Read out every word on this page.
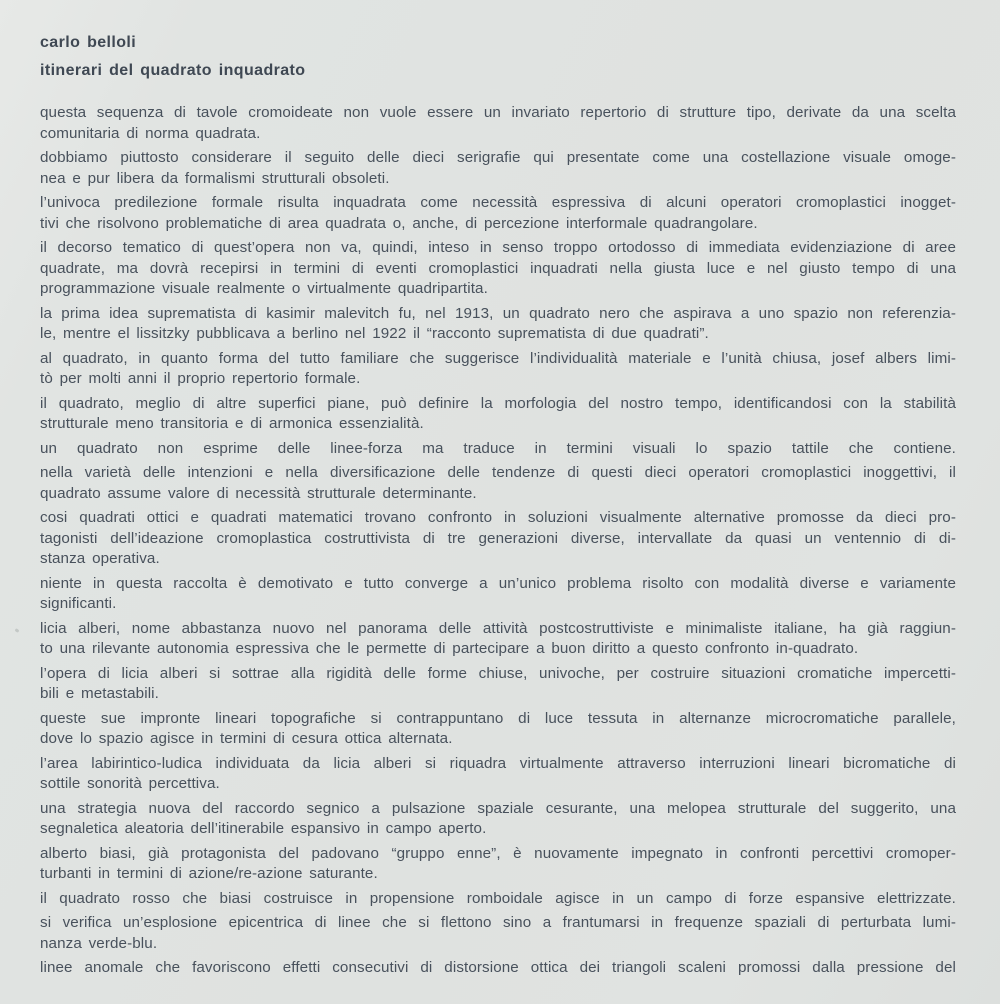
carlo belloli
itinerari del quadrato inquadrato
questa sequenza di tavole cromoideate non vuole essere un invariato repertorio di strutture tipo, derivate da una scelta
comunitaria di norma quadrata.
dobbiamo piuttosto considerare il seguito delle dieci serigrafie qui presentate come una costellazione visuale omoge-
nea e pur libera da formalismi strutturali obsoleti.
l’univoca predilezione formale risulta inquadrata come necessità espressiva di alcuni operatori cromoplastici inogget-
tivi che risolvono problematiche di area quadrata o, anche, di percezione interformale quadrangolare.
il decorso tematico di quest’opera non va, quindi, inteso in senso troppo ortodosso di immediata evidenziazione di aree
quadrate, ma dovrà recepirsi in termini di eventi cromoplastici inquadrati nella giusta luce e nel giusto tempo di una
programmazione visuale realmente o virtualmente quadripartita.
la prima idea suprematista di kasimir malevitch fu, nel 1913, un quadrato nero che aspirava a uno spazio non referenzia-
le, mentre el lissitzky pubblicava a berlino nel 1922 il “racconto suprematista di due quadrati”.
al quadrato, in quanto forma del tutto familiare che suggerisce l’individualità materiale e l’unità chiusa, josef albers limi-
tò per molti anni il proprio repertorio formale.
il quadrato, meglio di altre superfici piane, può definire la morfologia del nostro tempo, identificandosi con la stabilità
strutturale meno transitoria e di armonica essenzialità.
un quadrato non esprime delle linee-forza ma traduce in termini visuali lo spazio tattile che contiene.
nella varietà delle intenzioni e nella diversificazione delle tendenze di questi dieci operatori cromoplastici inoggettivi, il
quadrato assume valore di necessità strutturale determinante.
cosi quadrati ottici e quadrati matematici trovano confronto in soluzioni visualmente alternative promosse da dieci pro-
tagonisti dell’ideazione cromoplastica costruttivista di tre generazioni diverse, intervallate da quasi un ventennio di di-
stanza operativa.
niente in questa raccolta è demotivato e tutto converge a un’unico problema risolto con modalità diverse e variamente
significanti.
licia alberi, nome abbastanza nuovo nel panorama delle attività postcostruttiviste e minimaliste italiane, ha già raggiun-
to una rilevante autonomia espressiva che le permette di partecipare a buon diritto a questo confronto in-quadrato.
l’opera di licia alberi si sottrae alla rigidità delle forme chiuse, univoche, per costruire situazioni cromatiche impercetti-
bili e metastabili.
queste sue impronte lineari topografiche si contrappuntano di luce tessuta in alternanze microcromatiche parallele,
dove lo spazio agisce in termini di cesura ottica alternata.
l’area labirintico-ludica individuata da licia alberi si riquadra virtualmente attraverso interruzioni lineari bicromatiche di
sottile sonorità percettiva.
una strategia nuova del raccordo segnico a pulsazione spaziale cesurante, una melopea strutturale del suggerito, una
segnaletica aleatoria dell’itinerabile espansivo in campo aperto.
alberto biasi, già protagonista del padovano “gruppo enne”, è nuovamente impegnato in confronti percettivi cromoper-
turbanti in termini di azione/re-azione saturante.
il quadrato rosso che biasi costruisce in propensione romboidale agisce in un campo di forze espansive elettrizzate.
si verifica un’esplosione epicentrica di linee che si flettono sino a frantumarsi in frequenze spaziali di perturbata lumi-
nanza verde-blu.
linee anomale che favoriscono effetti consecutivi di distorsione ottica dei triangoli scaleni promossi dalla pressione del
